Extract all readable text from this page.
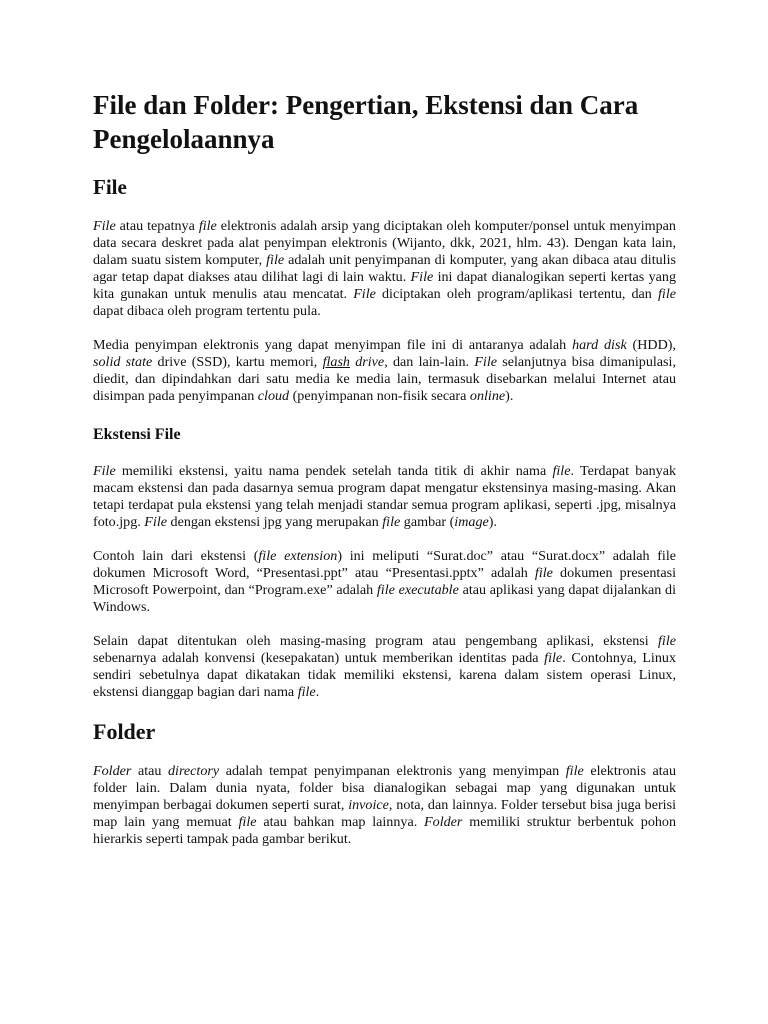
File dan Folder: Pengertian, Ekstensi dan Cara Pengelolaannya
File

File atau tepatnya file elektronis adalah arsip yang diciptakan oleh komputer/ponsel untuk menyimpan data secara deskret pada alat penyimpan elektronis (Wijanto, dkk, 2021, hlm. 43). Dengan kata lain, dalam suatu sistem komputer, file adalah unit penyimpanan di komputer, yang akan dibaca atau ditulis agar tetap dapat diakses atau dilihat lagi di lain waktu. File ini dapat dianalogikan seperti kertas yang kita gunakan untuk menulis atau mencatat. File diciptakan oleh program/aplikasi tertentu, dan file dapat dibaca oleh program tertentu pula.

Media penyimpan elektronis yang dapat menyimpan file ini di antaranya adalah hard disk (HDD), solid state drive (SSD), kartu memori, flash drive, dan lain-lain. File selanjutnya bisa dimanipulasi, diedit, dan dipindahkan dari satu media ke media lain, termasuk disebarkan melalui Internet atau disimpan pada penyimpanan cloud (penyimpanan non-fisik secara online).

Ekstensi File

File memiliki ekstensi, yaitu nama pendek setelah tanda titik di akhir nama file. Terdapat banyak macam ekstensi dan pada dasarnya semua program dapat mengatur ekstensinya masing-masing. Akan tetapi terdapat pula ekstensi yang telah menjadi standar semua program aplikasi, seperti .jpg, misalnya foto.jpg. File dengan ekstensi jpg yang merupakan file gambar (image).

Contoh lain dari ekstensi (file extension) ini meliputi “Surat.doc” atau “Surat.docx” adalah file dokumen Microsoft Word, “Presentasi.ppt” atau “Presentasi.pptx” adalah file dokumen presentasi Microsoft Powerpoint, dan “Program.exe” adalah file executable atau aplikasi yang dapat dijalankan di Windows.

Selain dapat ditentukan oleh masing-masing program atau pengembang aplikasi, ekstensi file sebenarnya adalah konvensi (kesepakatan) untuk memberikan identitas pada file. Contohnya, Linux sendiri sebetulnya dapat dikatakan tidak memiliki ekstensi, karena dalam sistem operasi Linux, ekstensi dianggap bagian dari nama file.

Folder

Folder atau directory adalah tempat penyimpanan elektronis yang menyimpan file elektronis atau folder lain. Dalam dunia nyata, folder bisa dianalogikan sebagai map yang digunakan untuk menyimpan berbagai dokumen seperti surat, invoice, nota, dan lainnya. Folder tersebut bisa juga berisi map lain yang memuat file atau bahkan map lainnya. Folder memiliki struktur berbentuk pohon hierarkis seperti tampak pada gambar berikut.
